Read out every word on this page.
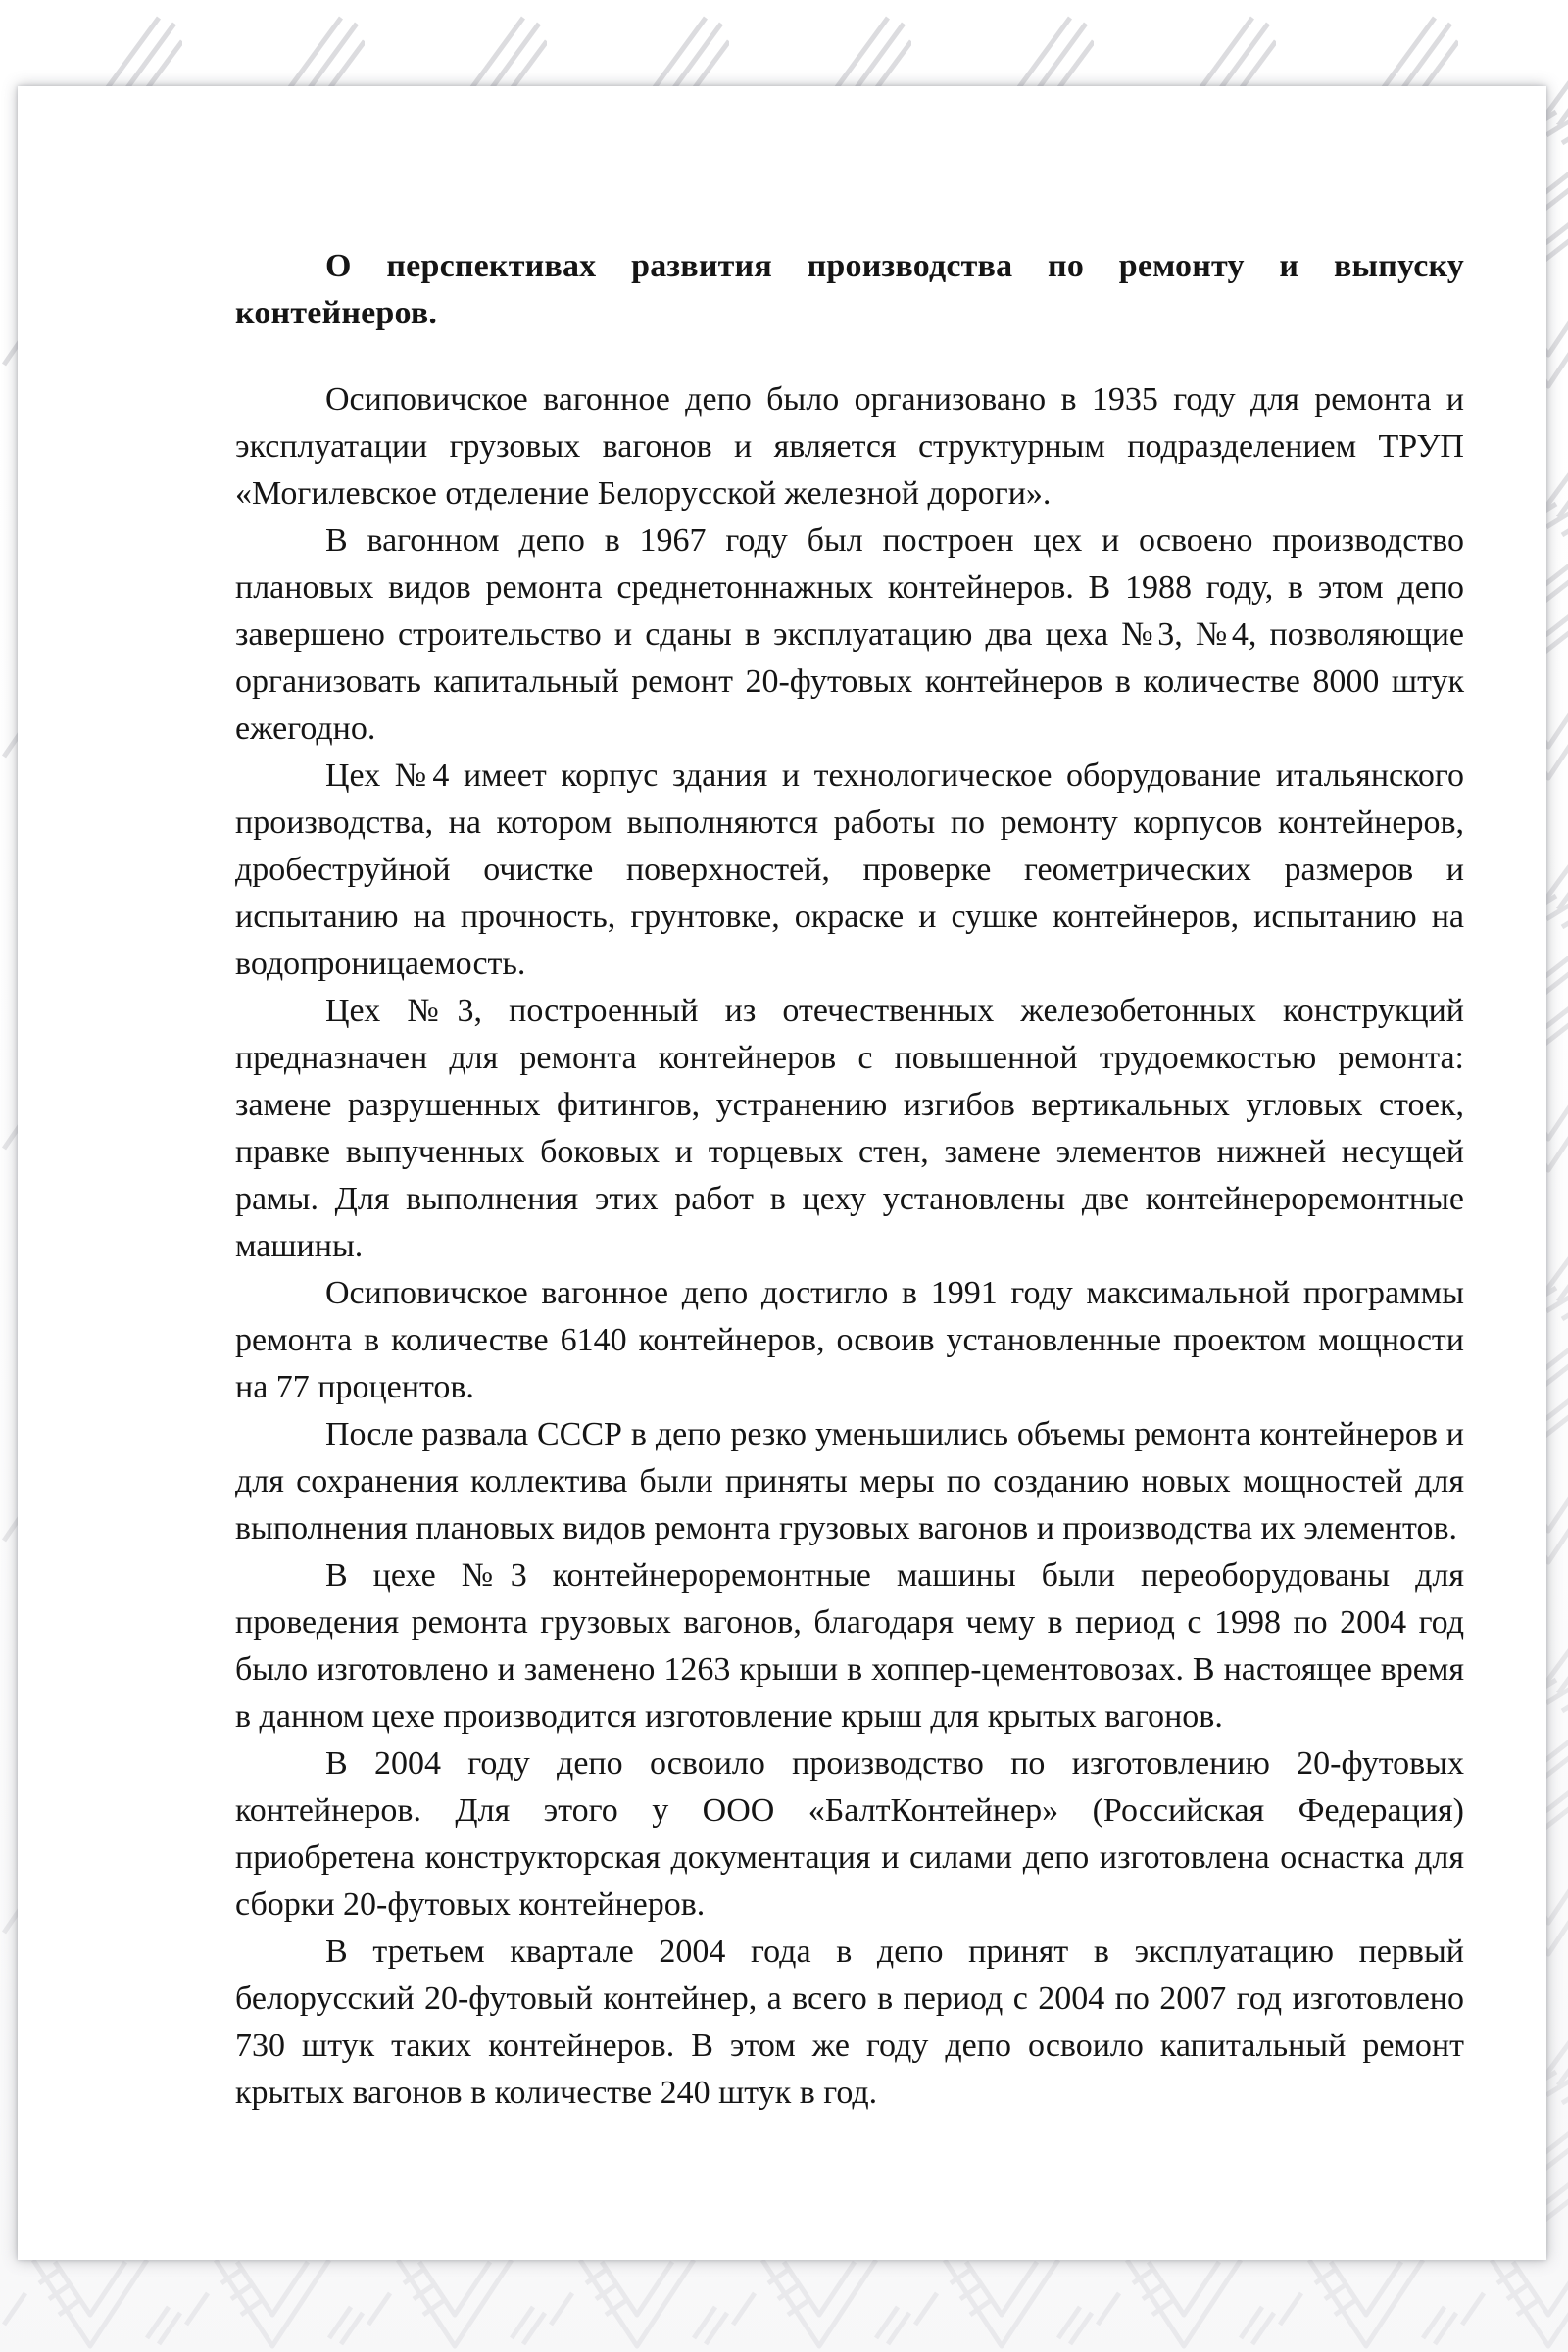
О перспективах развития производства по ремонту и выпуску контейнеров.

Осиповичское вагонное депо было организовано в 1935 году для ремонта и эксплуатации грузовых вагонов и является структурным подразделением ТРУП «Могилевское отделение Белорусской железной дороги».

В вагонном депо в 1967 году был построен цех и освоено производство плановых видов ремонта среднетоннажных контейнеров. В 1988 году, в этом депо завершено строительство и сданы в эксплуатацию два цеха №3, №4, позволяющие организовать капитальный ремонт 20-футовых контейнеров в количестве 8000 штук ежегодно.

Цех №4 имеет корпус здания и технологическое оборудование итальянского производства, на котором выполняются работы по ремонту корпусов контейнеров, дробеструйной очистке поверхностей, проверке геометрических размеров и испытанию на прочность, грунтовке, окраске и сушке контейнеров, испытанию на водопроницаемость.

Цех №3, построенный из отечественных железобетонных конструкций предназначен для ремонта контейнеров с повышенной трудоемкостью ремонта: замене разрушенных фитингов, устранению изгибов вертикальных угловых стоек, правке выпученных боковых и торцевых стен, замене элементов нижней несущей рамы. Для выполнения этих работ в цеху установлены две контейнероремонтные машины.

Осиповичское вагонное депо достигло в 1991 году максимальной программы ремонта в количестве 6140 контейнеров, освоив установленные проектом мощности на 77 процентов.

После развала СССР в депо резко уменьшились объемы ремонта контейнеров и для сохранения коллектива были приняты меры по созданию новых мощностей для выполнения плановых видов ремонта грузовых вагонов и производства их элементов.

В цехе №3 контейнероремонтные машины были переоборудованы для проведения ремонта грузовых вагонов, благодаря чему в период с 1998 по 2004 год было изготовлено и заменено 1263 крыши в хоппер-цементовозах. В настоящее время в данном цехе производится изготовление крыш для крытых вагонов.

В 2004 году депо освоило производство по изготовлению 20-футовых контейнеров. Для этого у ООО «БалтКонтейнер» (Российская Федерация) приобретена конструкторская документация и силами депо изготовлена оснастка для сборки 20-футовых контейнеров.

В третьем квартале 2004 года в депо принят в эксплуатацию первый белорусский 20-футовый контейнер, а всего в период с 2004 по 2007 год изготовлено 730 штук таких контейнеров. В этом же году депо освоило капитальный ремонт крытых вагонов в количестве 240 штук в год.
